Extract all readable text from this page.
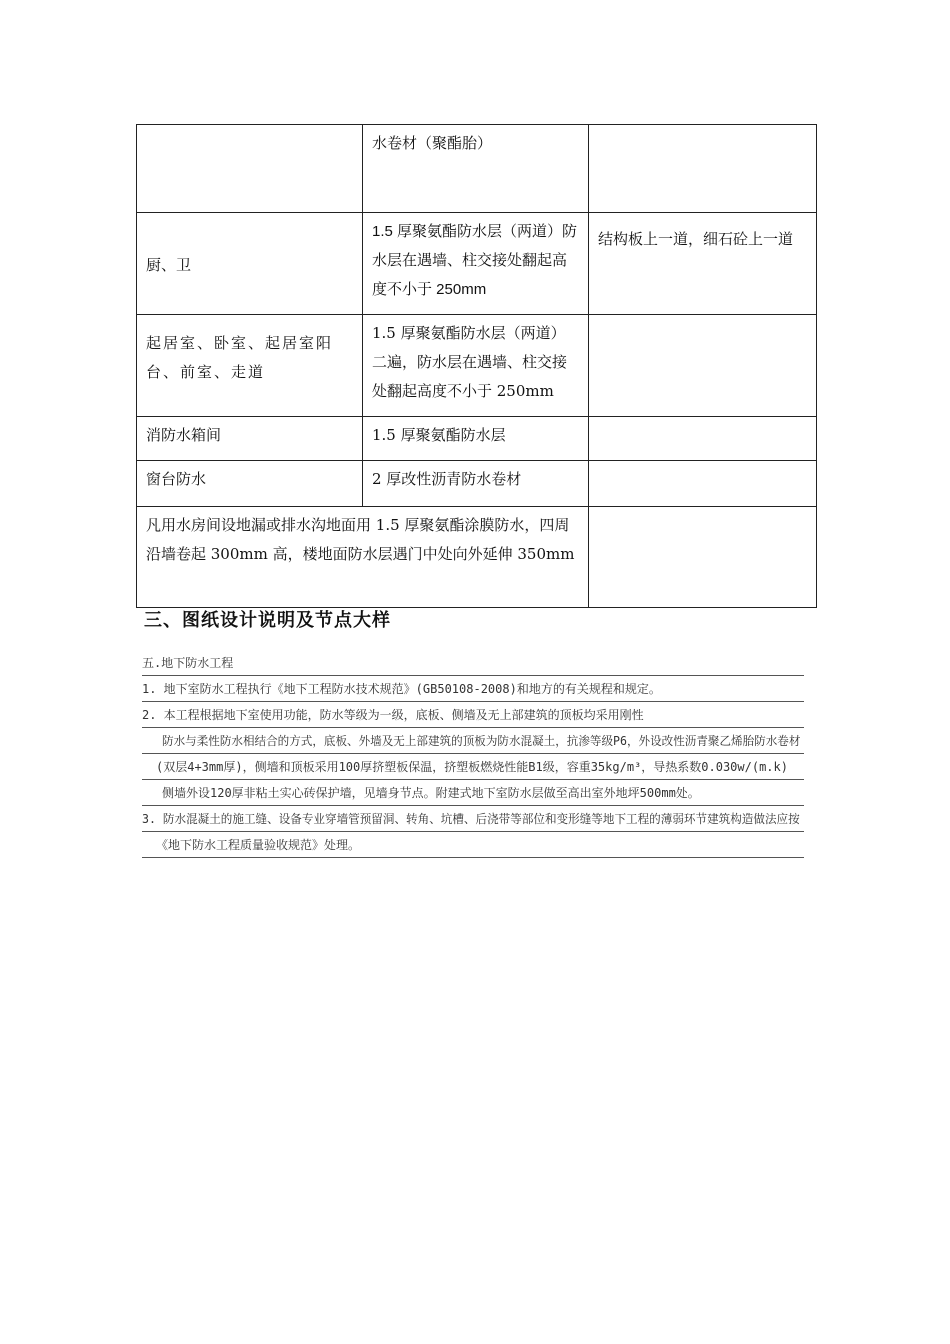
	水卷材（聚酯胎）	
厨、卫	1.5 厚聚氨酯防水层（两道）防水层在遇墙、柱交接处翻起高度不小于 250mm	结构板上一道，细石砼上一道
起居室、卧室、起居室阳台、前室、走道	1.5 厚聚氨酯防水层（两道）二遍，防水层在遇墙、柱交接处翻起高度不小于 250mm	
消防水箱间	1.5 厚聚氨酯防水层	
窗台防水	2 厚改性沥青防水卷材	
凡用水房间设地漏或排水沟地面用 1.5 厚聚氨酯涂膜防水，四周沿墙卷起 300mm 高，楼地面防水层遇门中处向外延伸 350mm		
三、图纸设计说明及节点大样
五.地下防水工程
1. 地下室防水工程执行《地下工程防水技术规范》(GB50108-2008)和地方的有关规程和规定。
2. 本工程根据地下室使用功能，防水等级为一级，底板、侧墙及无上部建筑的顶板均采用刚性
防水与柔性防水相结合的方式，底板、外墙及无上部建筑的顶板为防水混凝土，抗渗等级P6，外设改性沥青聚乙烯胎防水卷材
(双层4+3mm厚)，侧墙和顶板采用100厚挤塑板保温，挤塑板燃烧性能B1级，容重35kg/m³，导热系数0.030w/(m.k)
侧墙外设120厚非粘土实心砖保护墙，见墙身节点。附建式地下室防水层做至高出室外地坪500mm处。
3. 防水混凝土的施工缝、设备专业穿墙管预留洞、转角、坑槽、后浇带等部位和变形缝等地下工程的薄弱环节建筑构造做法应按
《地下防水工程质量验收规范》处理。
